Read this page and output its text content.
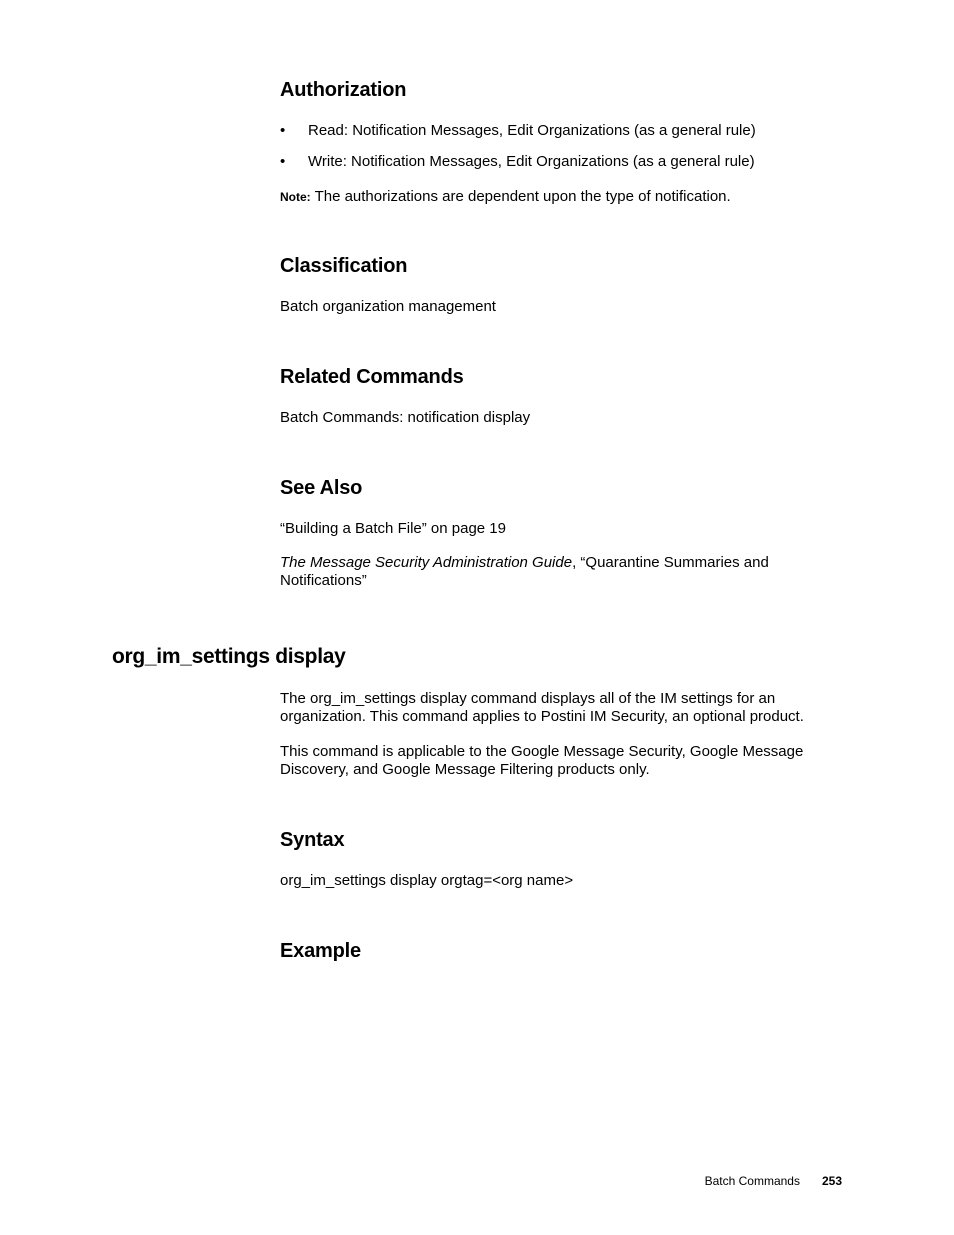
Authorization
• Read: Notification Messages, Edit Organizations (as a general rule)
• Write: Notification Messages, Edit Organizations (as a general rule)

Note: The authorizations are dependent upon the type of notification.

Classification

Batch organization management

Related Commands

Batch Commands: notification display

See Also

“Building a Batch File” on page 19

The Message Security Administration Guide, “Quarantine Summaries and Notifications”

org_im_settings display

The org_im_settings display command displays all of the IM settings for an organization. This command applies to Postini IM Security, an optional product.

This command is applicable to the Google Message Security, Google Message Discovery, and Google Message Filtering products only.

Syntax

org_im_settings display orgtag=<org name>

Example
Batch Commands 253
